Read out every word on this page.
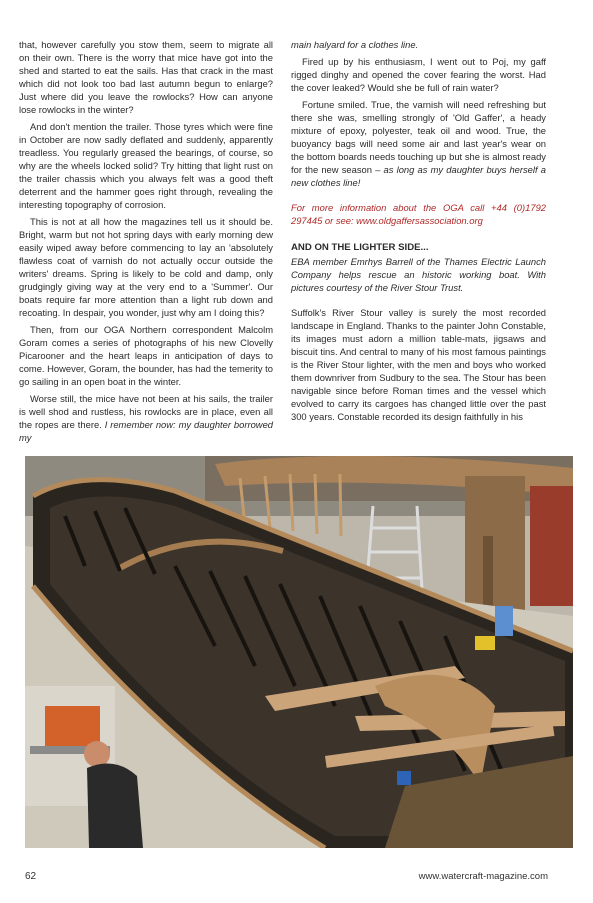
that, however carefully you stow them, seem to migrate all on their own. There is the worry that mice have got into the shed and started to eat the sails. Has that crack in the mast which did not look too bad last autumn begun to enlarge? Just where did you leave the rowlocks? How can anyone lose rowlocks in the winter?

And don't mention the trailer. Those tyres which were fine in October are now sadly deflated and suddenly, apparently treadless. You regularly greased the bearings, of course, so why are the wheels locked solid? Try hitting that light rust on the trailer chassis which you always felt was a good theft deterrent and the hammer goes right through, revealing the interesting topography of corrosion.

This is not at all how the magazines tell us it should be. Bright, warm but not hot spring days with early morning dew easily wiped away before commencing to lay an 'absolutely flawless coat of varnish do not actually occur outside the writers' dreams. Spring is likely to be cold and damp, only grudgingly giving way at the very end to a 'Summer'. Our boats require far more attention than a light rub down and recoating. In despair, you wonder, just why am I doing this?

Then, from our OGA Northern correspondent Malcolm Goram comes a series of photographs of his new Clovelly Picarooner and the heart leaps in anticipation of days to come. However, Goram, the bounder, has had the temerity to go sailing in an open boat in the winter.

Worse still, the mice have not been at his sails, the trailer is well shod and rustless, his rowlocks are in place, even all the ropes are there. I remember now: my daughter borrowed my

main halyard for a clothes line.

Fired up by his enthusiasm, I went out to Poj, my gaff rigged dinghy and opened the cover fearing the worst. Had the cover leaked? Would she be full of rain water?

Fortune smiled. True, the varnish will need refreshing but there she was, smelling strongly of 'Old Gaffer', a heady mixture of epoxy, polyester, teak oil and wood. True, the buoyancy bags will need some air and last year's wear on the bottom boards needs touching up but she is almost ready for the new season – as long as my daughter buys herself a new clothes line!

For more information about the OGA call +44 (0)1792 297445 or see: www.oldgaffersassociation.org

AND ON THE LIGHTER SIDE...

EBA member Emrhys Barrell of the Thames Electric Launch Company helps rescue an historic working boat. With pictures courtesy of the River Stour Trust.

Suffolk's River Stour valley is surely the most recorded landscape in England. Thanks to the painter John Constable, its images must adorn a million table-mats, jigsaws and biscuit tins. And central to many of his most famous paintings is the River Stour lighter, with the men and boys who worked them downriver from Sudbury to the sea. The Stour has been navigable since before Roman times and the vessel which evolved to carry its cargoes has changed little over the past 300 years. Constable recorded its design faithfully in his

62	www.watercraft-magazine.com
